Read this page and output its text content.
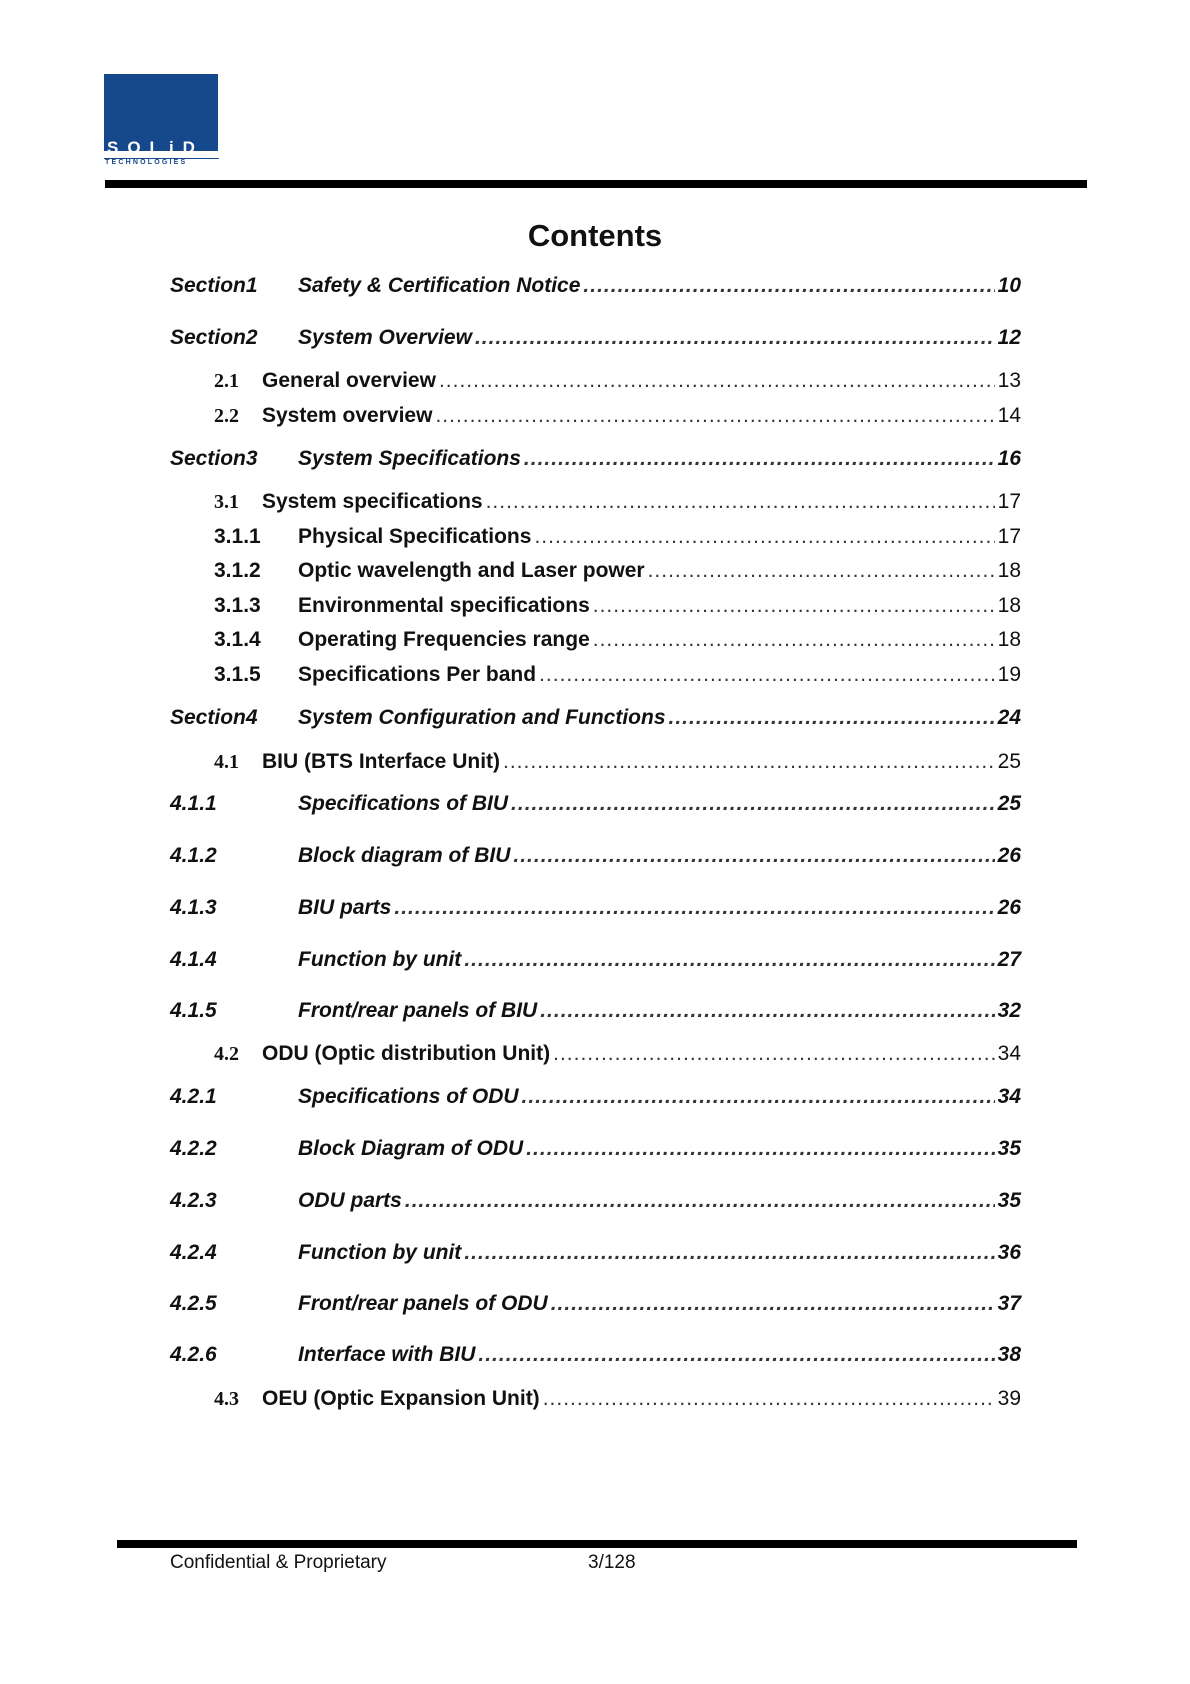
SOLiD
TECHNOLOGIES
Contents
Section1	Safety & Certification Notice .....	10
Section2	System Overview .....	12
2.1	General overview .....	13
2.2	System overview .....	14
Section3	System Specifications .....	16
3.1	System specifications .....	17
3.1.1	Physical Specifications .....	17
3.1.2	Optic wavelength and Laser power .....	18
3.1.3	Environmental specifications .....	18
3.1.4	Operating Frequencies range .....	18
3.1.5	Specifications Per band .....	19
Section4	System Configuration and Functions .....	24
4.1	BIU (BTS Interface Unit) .....	25
4.1.1	Specifications of BIU .....	25
4.1.2	Block diagram of BIU .....	26
4.1.3	BIU parts .....	26
4.1.4	Function by unit .....	27
4.1.5	Front/rear panels of BIU .....	32
4.2	ODU (Optic distribution Unit) .....	34
4.2.1	Specifications of ODU .....	34
4.2.2	Block Diagram of ODU .....	35
4.2.3	ODU parts .....	35
4.2.4	Function by unit .....	36
4.2.5	Front/rear panels of ODU .....	37
4.2.6	Interface with BIU .....	38
4.3	OEU (Optic Expansion Unit) .....	39
Confidential & Proprietary	3/128
